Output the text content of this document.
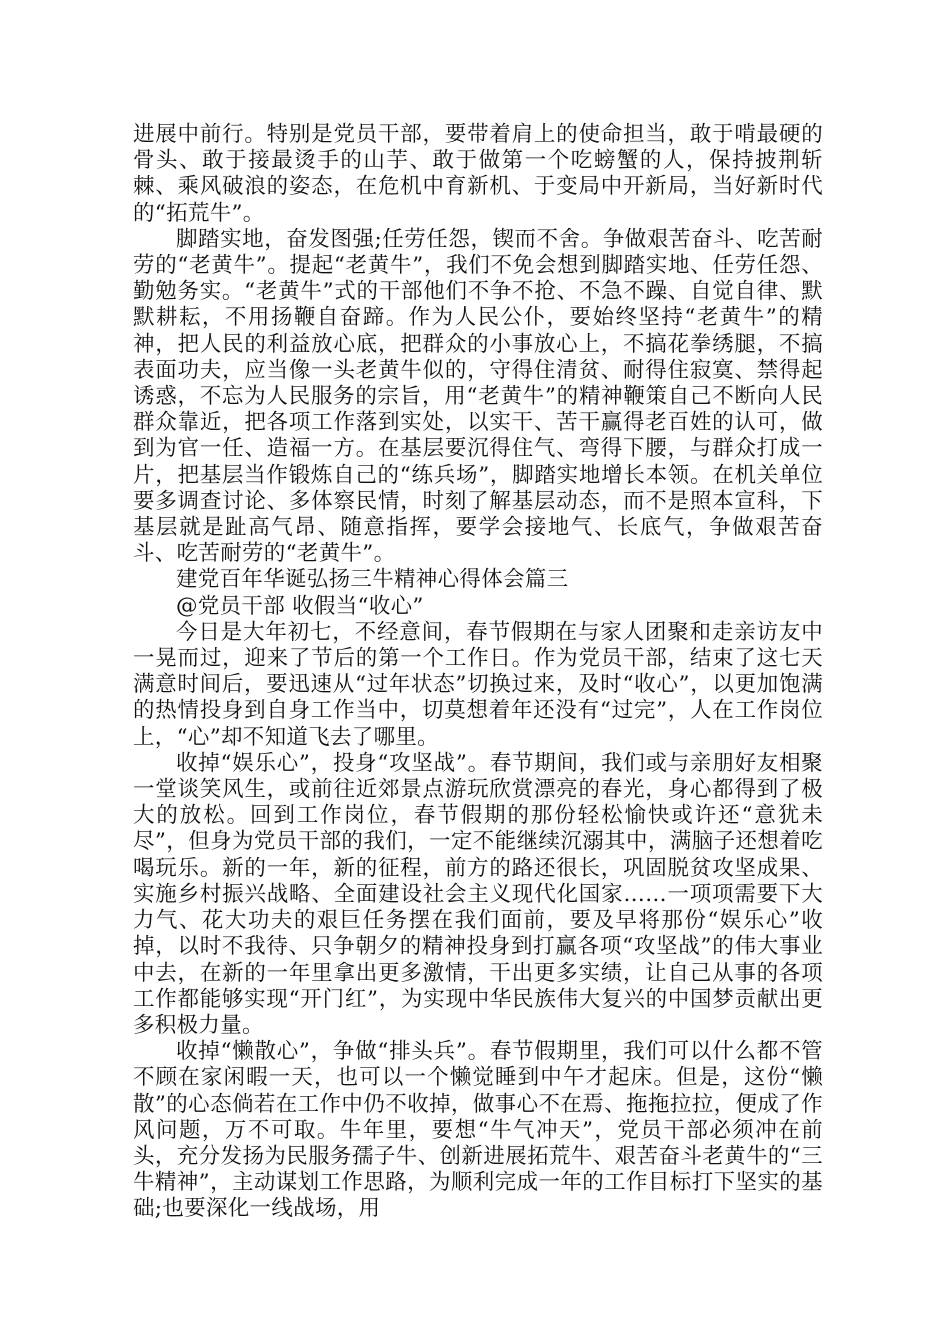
进展中前行。特别是党员干部，要带着肩上的使命担当，敢于啃最硬的骨头、敢于接最烫手的山芋、敢于做第一个吃螃蟹的人，保持披荆斩棘、乘风破浪的姿态，在危机中育新机、于变局中开新局，当好新时代的“拓荒牛”。

脚踏实地，奋发图强;任劳任怨，锲而不舍。争做艰苦奋斗、吃苦耐劳的“老黄牛”。提起“老黄牛”，我们不免会想到脚踏实地、任劳任怨、勤勉务实。“老黄牛”式的干部他们不争不抢、不急不躁、自觉自律、默默耕耘，不用扬鞭自奋蹄。作为人民公仆，要始终坚持“老黄牛”的精神，把人民的利益放心底，把群众的小事放心上，不搞花拳绣腿，不搞表面功夫，应当像一头老黄牛似的，守得住清贫、耐得住寂寞、禁得起诱惑，不忘为人民服务的宗旨，用“老黄牛”的精神鞭策自己不断向人民群众靠近，把各项工作落到实处，以实干、苦干赢得老百姓的认可，做到为官一任、造福一方。在基层要沉得住气、弯得下腰，与群众打成一片，把基层当作锻炼自己的“练兵场”，脚踏实地增长本领。在机关单位要多调查讨论、多体察民情，时刻了解基层动态，而不是照本宣科，下基层就是趾高气昂、随意指挥，要学会接地气、长底气，争做艰苦奋斗、吃苦耐劳的“老黄牛”。

建党百年华诞弘扬三牛精神心得体会篇三

@党员干部 收假当“收心”

今日是大年初七，不经意间，春节假期在与家人团聚和走亲访友中一晃而过，迎来了节后的第一个工作日。作为党员干部，结束了这七天满意时间后，要迅速从“过年状态”切换过来，及时“收心”，以更加饱满的热情投身到自身工作当中，切莫想着年还没有“过完”，人在工作岗位上，“心”却不知道飞去了哪里。

收掉“娱乐心”，投身“攻坚战”。春节期间，我们或与亲朋好友相聚一堂谈笑风生，或前往近郊景点游玩欣赏漂亮的春光，身心都得到了极大的放松。回到工作岗位，春节假期的那份轻松愉快或许还“意犹未尽”，但身为党员干部的我们，一定不能继续沉溺其中，满脑子还想着吃喝玩乐。新的一年，新的征程，前方的路还很长，巩固脱贫攻坚成果、实施乡村振兴战略、全面建设社会主义现代化国家……一项项需要下大力气、花大功夫的艰巨任务摆在我们面前，要及早将那份“娱乐心”收掉，以时不我待、只争朝夕的精神投身到打赢各项“攻坚战”的伟大事业中去，在新的一年里拿出更多激情，干出更多实绩，让自己从事的各项工作都能够实现“开门红”，为实现中华民族伟大复兴的中国梦贡献出更多积极力量。

收掉“懒散心”，争做“排头兵”。春节假期里，我们可以什么都不管不顾在家闲暇一天，也可以一个懒觉睡到中午才起床。但是，这份“懒散”的心态倘若在工作中仍不收掉，做事心不在焉、拖拖拉拉，便成了作风问题，万不可取。牛年里，要想“牛气冲天”，党员干部必须冲在前头，充分发扬为民服务孺子牛、创新进展拓荒牛、艰苦奋斗老黄牛的“三牛精神”，主动谋划工作思路，为顺利完成一年的工作目标打下坚实的基础;也要深化一线战场，用
